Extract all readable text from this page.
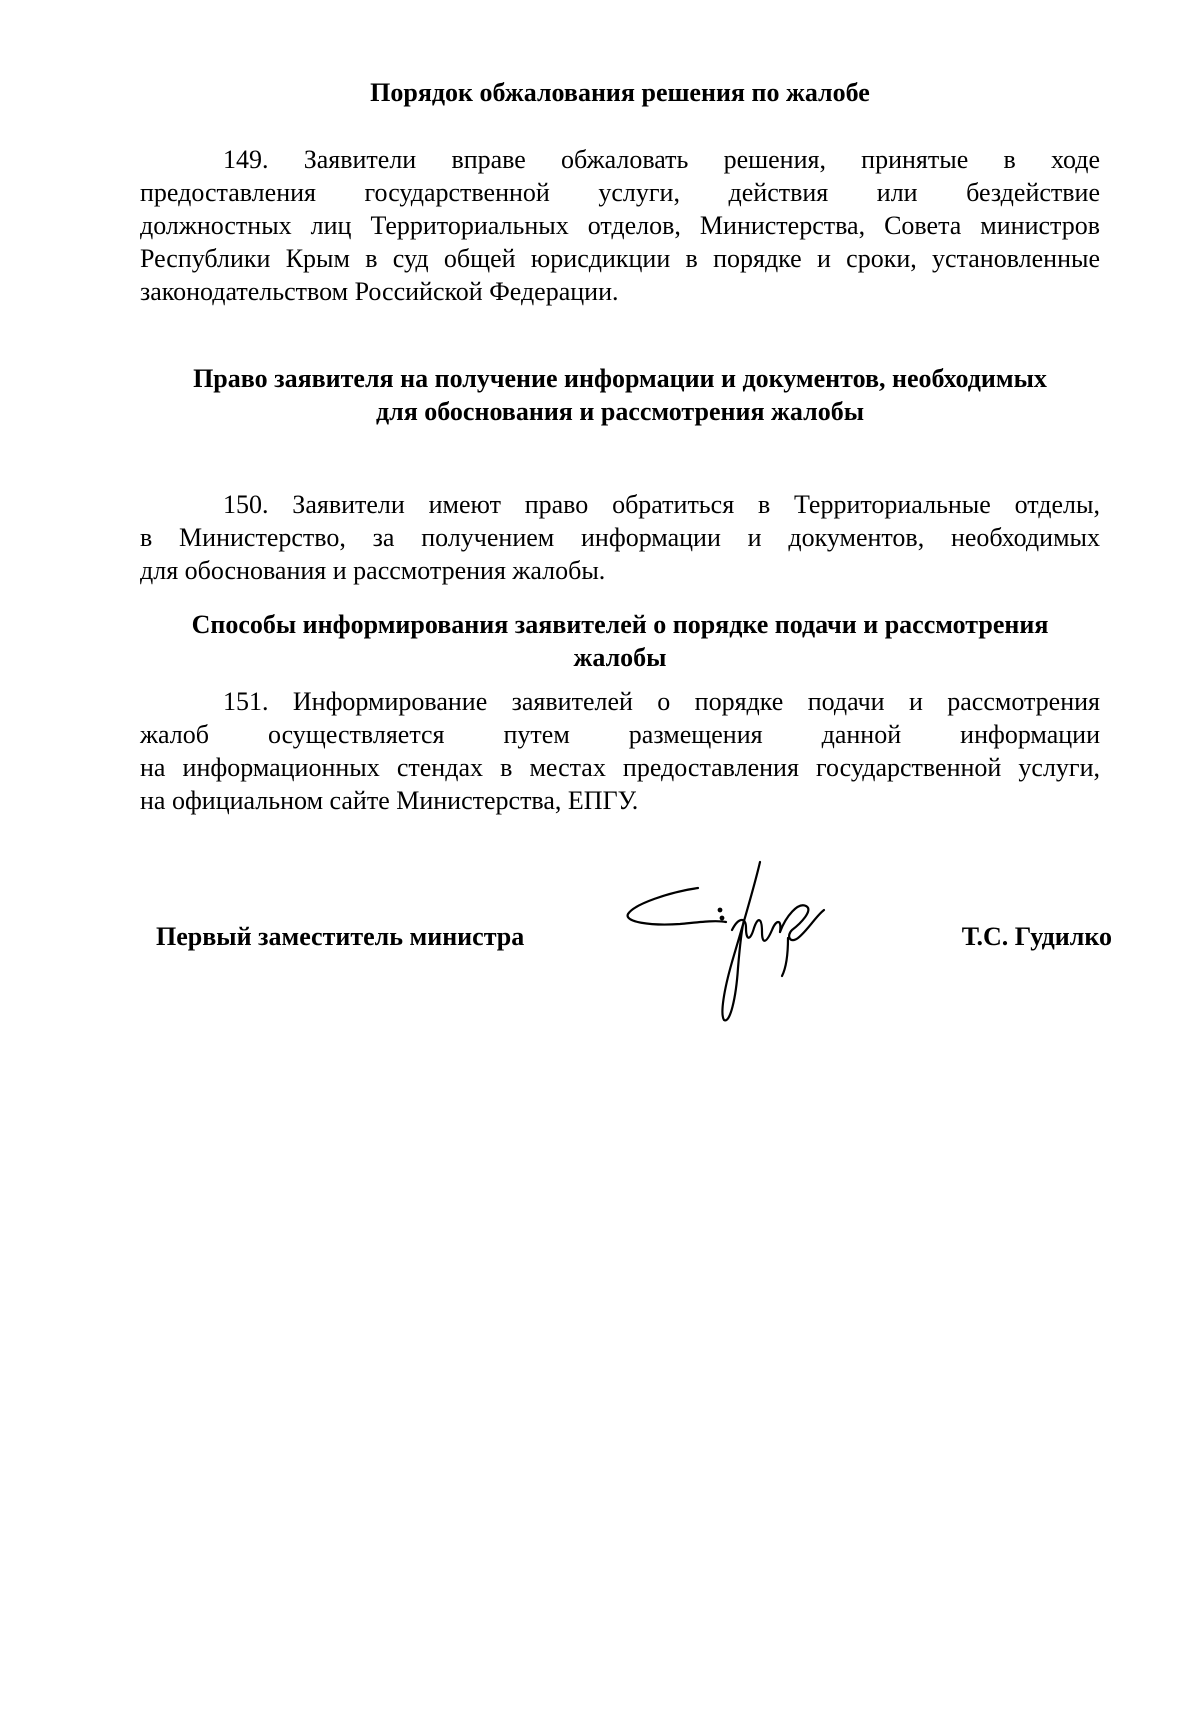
Порядок обжалования решения по жалобе
149. Заявители вправе обжаловать решения, принятые в ходе
предоставления государственной услуги, действия или бездействие
должностных лиц Территориальных отделов, Министерства, Совета министров
Республики Крым в суд общей юрисдикции в порядке и сроки, установленные
законодательством Российской Федерации.
Право заявителя на получение информации и документов, необходимых
для обоснования и рассмотрения жалобы
150. Заявители имеют право обратиться в Территориальные отделы,
в Министерство, за получением информации и документов, необходимых
для обоснования и рассмотрения жалобы.
Способы информирования заявителей о порядке подачи и рассмотрения
жалобы
151. Информирование заявителей о порядке подачи и рассмотрения
жалоб осуществляется путем размещения данной информации
на информационных стендах в местах предоставления государственной услуги,
на официальном сайте Министерства, ЕПГУ.
Первый заместитель министра	Т.С. Гудилко
